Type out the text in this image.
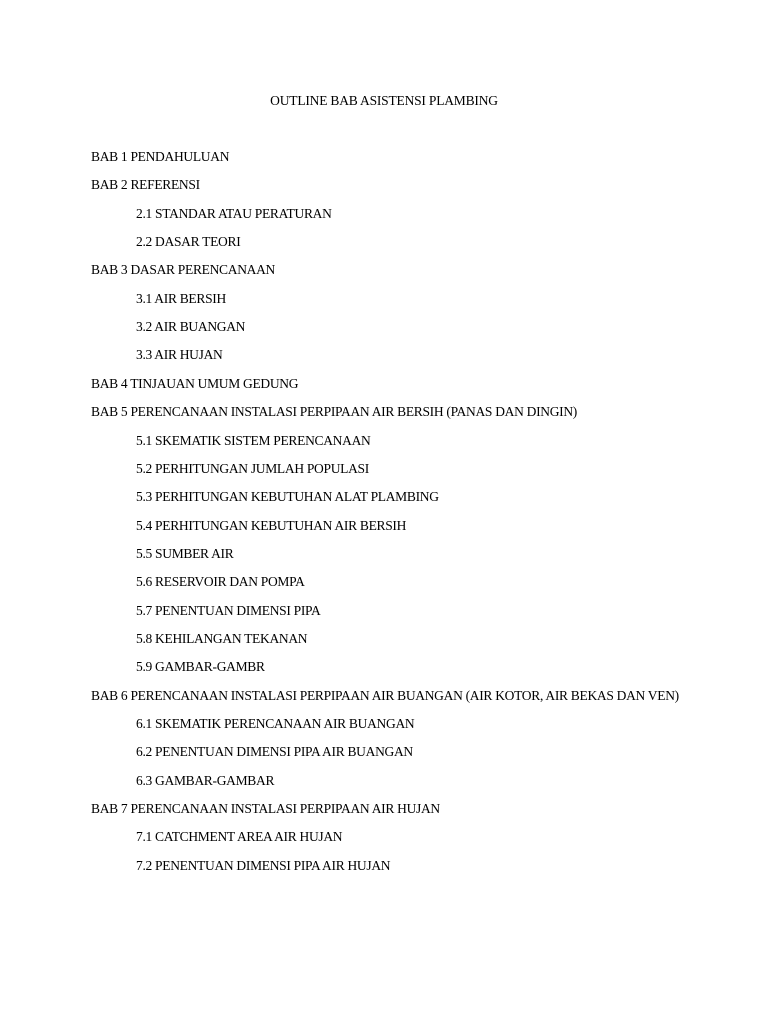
OUTLINE BAB ASISTENSI PLAMBING
BAB 1 PENDAHULUAN
BAB 2 REFERENSI
2.1 STANDAR ATAU PERATURAN
2.2 DASAR TEORI
BAB 3 DASAR PERENCANAAN
3.1 AIR BERSIH
3.2 AIR BUANGAN
3.3 AIR HUJAN
BAB 4 TINJAUAN UMUM GEDUNG
BAB 5 PERENCANAAN INSTALASI PERPIPAAN AIR BERSIH (PANAS DAN DINGIN)
5.1 SKEMATIK SISTEM PERENCANAAN
5.2 PERHITUNGAN JUMLAH POPULASI
5.3 PERHITUNGAN KEBUTUHAN ALAT PLAMBING
5.4 PERHITUNGAN KEBUTUHAN AIR BERSIH
5.5 SUMBER AIR
5.6 RESERVOIR DAN POMPA
5.7 PENENTUAN DIMENSI PIPA
5.8 KEHILANGAN TEKANAN
5.9 GAMBAR-GAMBR
BAB 6 PERENCANAAN INSTALASI PERPIPAAN AIR BUANGAN (AIR KOTOR, AIR BEKAS DAN VEN)
6.1 SKEMATIK PERENCANAAN AIR BUANGAN
6.2 PENENTUAN DIMENSI PIPA AIR BUANGAN
6.3 GAMBAR-GAMBAR
BAB 7 PERENCANAAN INSTALASI PERPIPAAN AIR HUJAN
7.1 CATCHMENT AREA AIR HUJAN
7.2 PENENTUAN DIMENSI PIPA AIR HUJAN
